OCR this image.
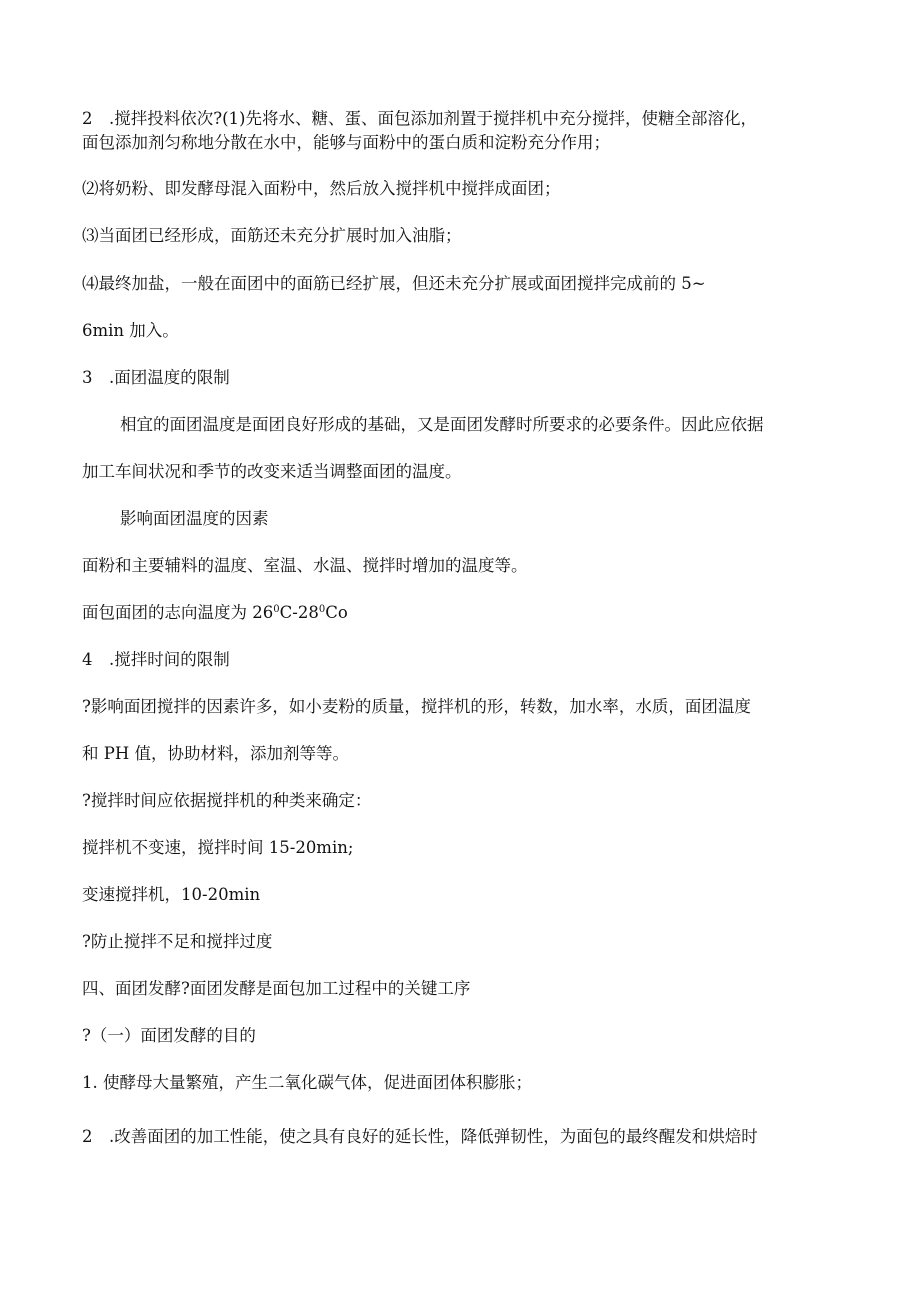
2　.搅拌投料依次?(1)先将水、糖、蛋、面包添加剂置于搅拌机中充分搅拌，使糖全部溶化，
面包添加剂匀称地分散在水中，能够与面粉中的蛋白质和淀粉充分作用；
⑵将奶粉、即发酵母混入面粉中，然后放入搅拌机中搅拌成面团；
⑶当面团已经形成，面筋还未充分扩展时加入油脂；
⑷最终加盐，一般在面团中的面筋已经扩展，但还未充分扩展或面团搅拌完成前的 5~
6min 加入。
3　.面团温度的限制
相宜的面团温度是面团良好形成的基础，又是面团发酵时所要求的必要条件。因此应依据
加工车间状况和季节的改变来适当调整面团的温度。
影响面团温度的因素
面粉和主要辅料的温度、室温、水温、搅拌时增加的温度等。
面包面团的志向温度为 $26^0C-28^0Co$
4　.搅拌时间的限制
?影响面团搅拌的因素许多，如小麦粉的质量，搅拌机的形，转数，加水率，水质，面团温度
和 PH 值，协助材料，添加剂等等。
?搅拌时间应依据搅拌机的种类来确定：
搅拌机不变速，搅拌时间 15-20min;
变速搅拌机，10-20min
?防止搅拌不足和搅拌过度
四、面团发酵?面团发酵是面包加工过程中的关键工序
?（一）面团发酵的目的
1. 使酵母大量繁殖，产生二氧化碳气体，促进面团体积膨胀；
2　.改善面团的加工性能，使之具有良好的延长性，降低弹韧性，为面包的最终醒发和烘焙时
